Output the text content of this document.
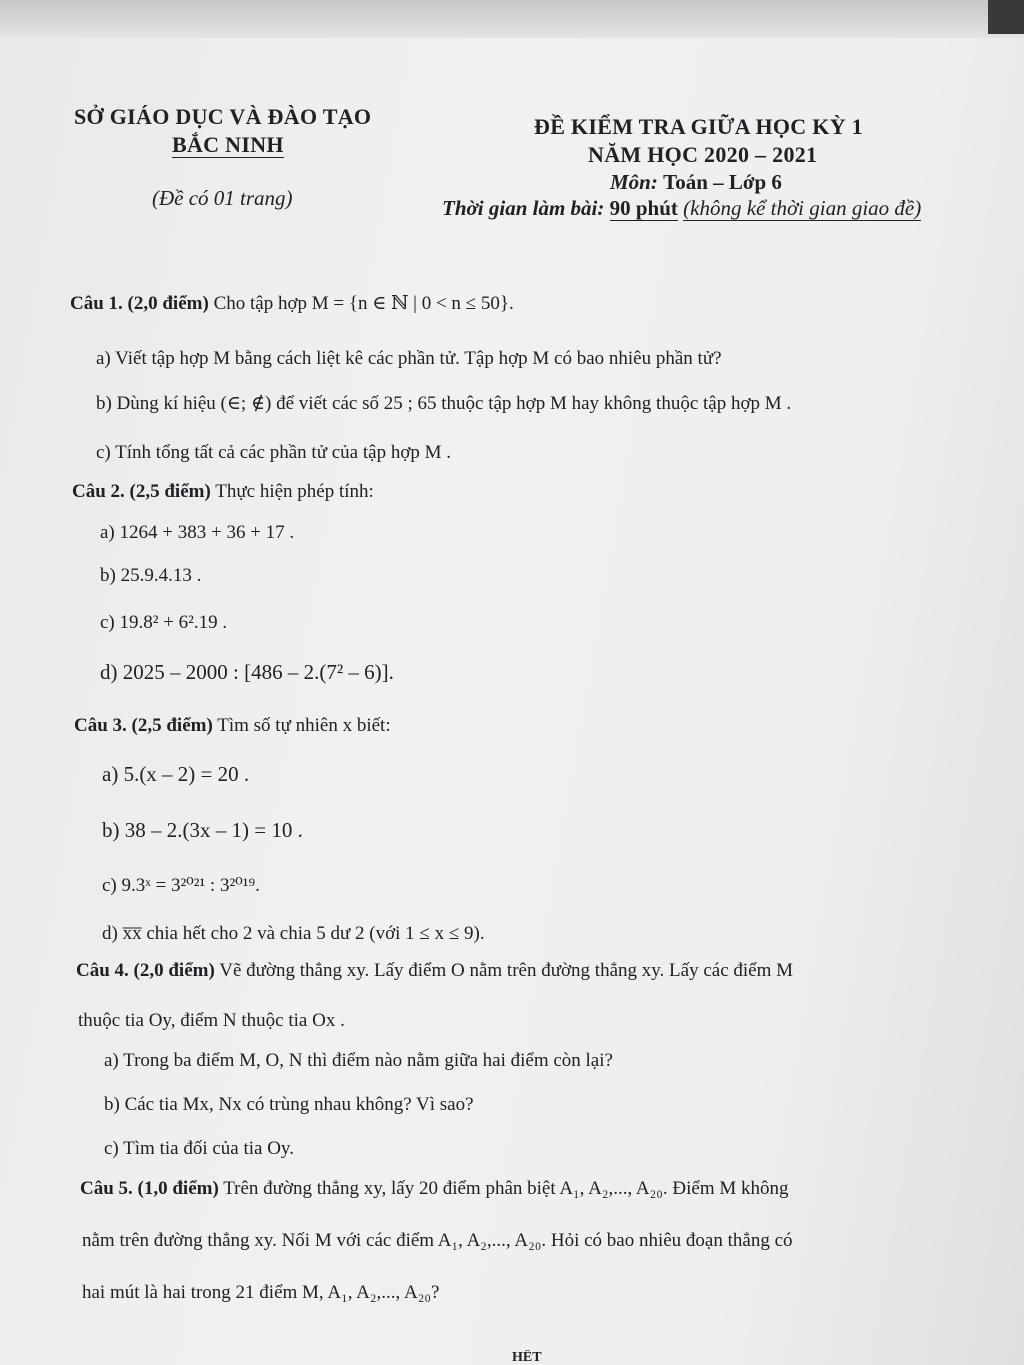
SỞ GIÁO DỤC VÀ ĐÀO TẠO
BẮC NINH
(Đề có 01 trang)
ĐỀ KIỂM TRA GIỮA HỌC KỲ 1
NĂM HỌC 2020 – 2021
Môn: Toán – Lớp 6
Thời gian làm bài: 90 phút (không kể thời gian giao đề)
Câu 1. (2,0 điểm) Cho tập hợp M = {n ∈ ℕ | 0 < n ≤ 50}.
a) Viết tập hợp M bằng cách liệt kê các phần tử. Tập hợp M có bao nhiêu phần tử?
b) Dùng kí hiệu (∈; ∉) để viết các số 25 ; 65 thuộc tập hợp M hay không thuộc tập hợp M .
c) Tính tổng tất cả các phần tử của tập hợp M .
Câu 2. (2,5 điểm) Thực hiện phép tính:
a) 1264 + 383 + 36 + 17 .
b) 25.9.4.13 .
c) 19.8² + 6².19 .
d) 2025 – 2000 : [486 – 2.(7² – 6)].
Câu 3. (2,5 điểm) Tìm số tự nhiên x biết:
a) 5.(x – 2) = 20 .
b) 38 – 2.(3x – 1) = 10 .
c) 9.3ˣ = 3²⁰²¹ : 3²⁰¹⁹.
d) x̅x̅ chia hết cho 2 và chia 5 dư 2 (với 1 ≤ x ≤ 9).
Câu 4. (2,0 điểm) Vẽ đường thẳng xy. Lấy điểm O nằm trên đường thẳng xy. Lấy các điểm M
thuộc tia Oy, điểm N thuộc tia Ox .
a) Trong ba điểm M, O, N thì điểm nào nằm giữa hai điểm còn lại?
b) Các tia Mx, Nx có trùng nhau không? Vì sao?
c) Tìm tia đối của tia Oy.
Câu 5. (1,0 điểm) Trên đường thẳng xy, lấy 20 điểm phân biệt A₁, A₂,..., A₂₀. Điểm M không
nằm trên đường thẳng xy. Nối M với các điểm A₁, A₂,..., A₂₀. Hỏi có bao nhiêu đoạn thẳng có
hai mút là hai trong 21 điểm M, A₁, A₂,..., A₂₀?
HẾT
